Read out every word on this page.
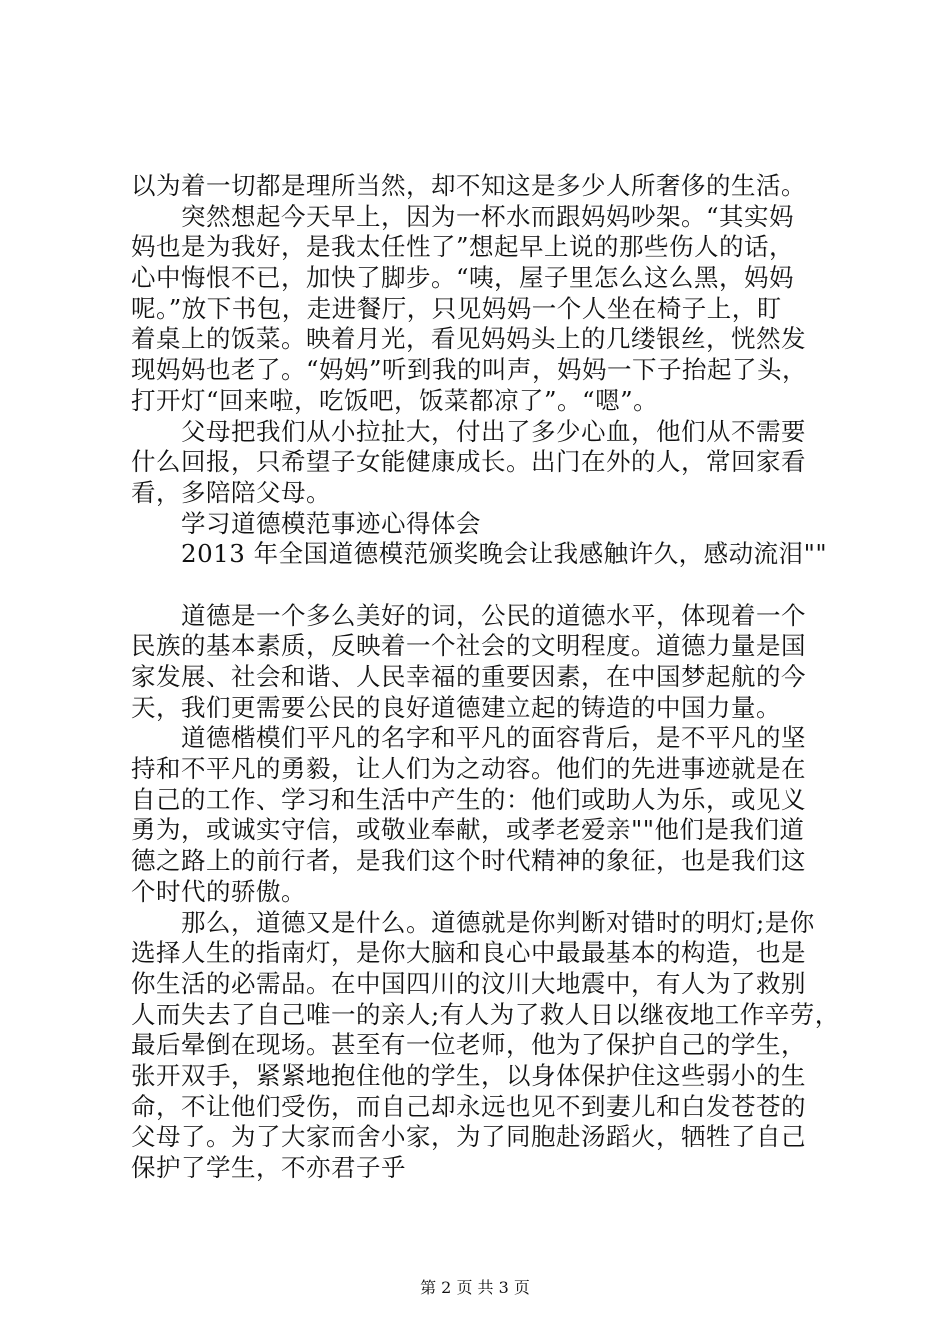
以为着一切都是理所当然，却不知这是多少人所奢侈的生活。
突然想起今天早上，因为一杯水而跟妈妈吵架。“其实妈
妈也是为我好，是我太任性了”想起早上说的那些伤人的话，
心中悔恨不已，加快了脚步。“咦，屋子里怎么这么黑，妈妈
呢。”放下书包，走进餐厅，只见妈妈一个人坐在椅子上，盯
着桌上的饭菜。映着月光，看见妈妈头上的几缕银丝，恍然发
现妈妈也老了。“妈妈”听到我的叫声，妈妈一下子抬起了头，
打开灯“回来啦，吃饭吧，饭菜都凉了”。“嗯”。
父母把我们从小拉扯大，付出了多少心血，他们从不需要
什么回报，只希望子女能健康成长。出门在外的人，常回家看
看，多陪陪父母。
学习道德模范事迹心得体会
2013 年全国道德模范颁奖晚会让我感触许久，感动流泪""
道德是一个多么美好的词，公民的道德水平，体现着一个
民族的基本素质，反映着一个社会的文明程度。道德力量是国
家发展、社会和谐、人民幸福的重要因素，在中国梦起航的今
天，我们更需要公民的良好道德建立起的铸造的中国力量。
道德楷模们平凡的名字和平凡的面容背后，是不平凡的坚
持和不平凡的勇毅，让人们为之动容。他们的先进事迹就是在
自己的工作、学习和生活中产生的：他们或助人为乐，或见义
勇为，或诚实守信，或敬业奉献，或孝老爱亲""他们是我们道
德之路上的前行者，是我们这个时代精神的象征，也是我们这
个时代的骄傲。
那么，道德又是什么。道德就是你判断对错时的明灯;是你
选择人生的指南灯，是你大脑和良心中最最基本的构造，也是
你生活的必需品。在中国四川的汶川大地震中，有人为了救别
人而失去了自己唯一的亲人;有人为了救人日以继夜地工作辛劳，
最后晕倒在现场。甚至有一位老师，他为了保护自己的学生，
张开双手，紧紧地抱住他的学生，以身体保护住这些弱小的生
命，不让他们受伤，而自己却永远也见不到妻儿和白发苍苍的
父母了。为了大家而舍小家，为了同胞赴汤蹈火，牺牲了自己
保护了学生，不亦君子乎
第 2 页 共 3 页
